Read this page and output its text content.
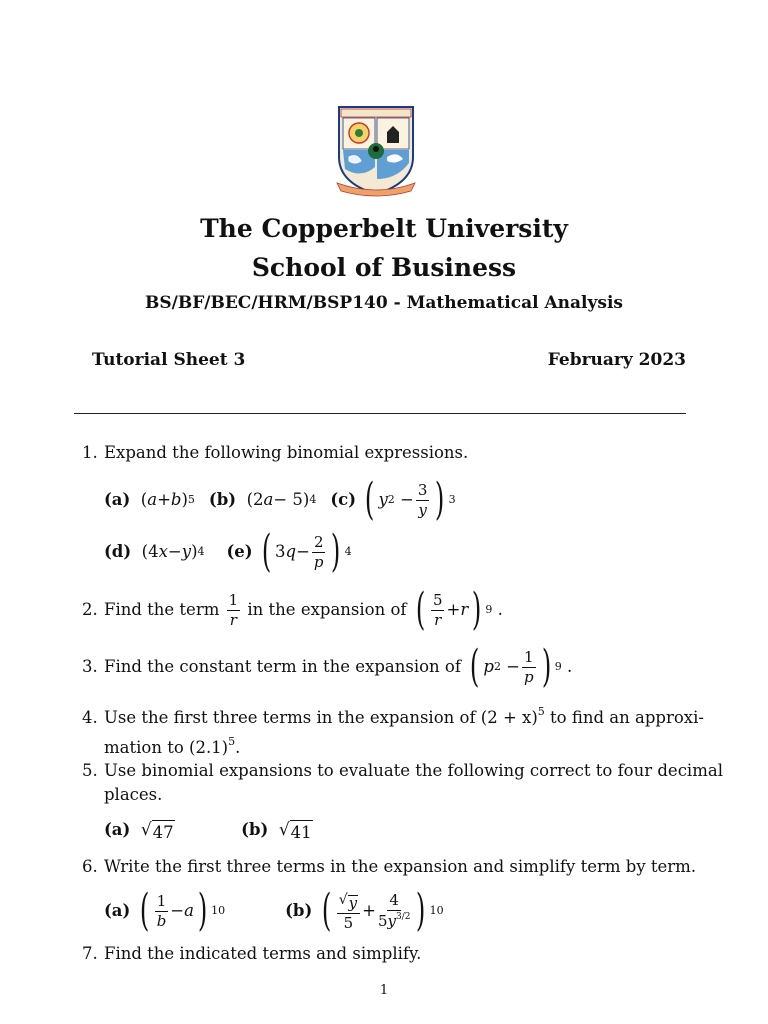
The Copperbelt University
School of Business
BS/BF/BEC/HRM/BSP140 - Mathematical Analysis
Tutorial Sheet 3	February 2023
1. Expand the following binomial expressions.
(a) ( a + b ) 5 (b) (2 a − 5) 4 (c)
( y $2 - \frac{3}{y}$ ) 3
(d) (4 x − y ) 4 (e)
( 3 $q - \frac{2}{p}$ ) 4
2. Find the term
$\frac{1}{r}$
in the expansion of
( $\frac{5}{r} + r$ ) 9 .
3. Find the constant term in the expansion of
( p $2 - \frac{1}{p}$ ) 9 .
4. Use the first three terms in the expansion of $(2 + x)^5$ to find an approxi-
mation to $(2.1)^5$.
5. Use binomial expansions to evaluate the following correct to four decimal
places.
(a) √ 47	(b) √ 41
6. Write the first three terms in the expansion and simplify term by term.
(a)
( $\frac{1}{b} - a$ ) 10	(b)
( $\frac{√ y}{5} + \frac{4}{5y^{3/2}}$ ) 10
7. Find the indicated terms and simplify.
1
